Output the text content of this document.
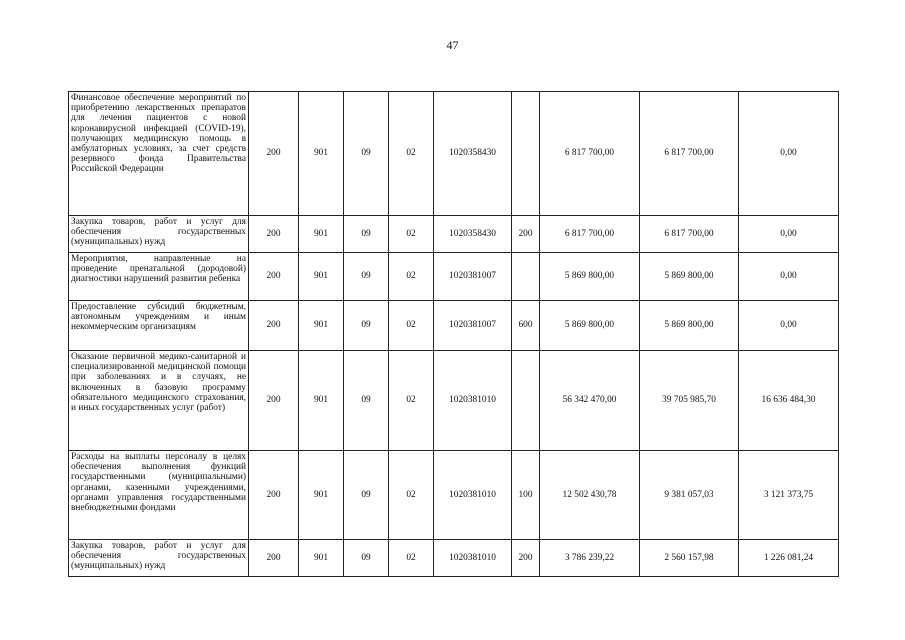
47
Финансовое обеспечение мероприятий по приобретению лекарственных препаратов для лечения пациентов с новой коронавирусной инфекцией (COVID-19), получающих медицинскую помощь в амбулаторных условиях, за счет средств резервного фонда Правительства Российской Федерации	200	901	09	02	1020358430		6 817 700,00	6 817 700,00	0,00
Закупка товаров, работ и услуг для обеспечения государственных (муниципальных) нужд	200	901	09	02	1020358430	200	6 817 700,00	6 817 700,00	0,00
Мероприятия, направленные на проведение пренатальной (дородовой) диагностики нарушений развития ребенка	200	901	09	02	1020381007		5 869 800,00	5 869 800,00	0,00
Предоставление субсидий бюджетным, автономным учреждениям и иным некоммерческим организациям	200	901	09	02	1020381007	600	5 869 800,00	5 869 800,00	0,00
Оказание первичной медико-санитарной и специализированной медицинской помощи при заболеваниях и в случаях, не включенных в базовую программу обязательного медицинского страхования, и иных государственных услуг (работ)	200	901	09	02	1020381010		56 342 470,00	39 705 985,70	16 636 484,30
Расходы на выплаты персоналу в целях обеспечения выполнения функций государственными (муниципальными) органами, казенными учреждениями, органами управления государственными внебюджетными фондами	200	901	09	02	1020381010	100	12 502 430,78	9 381 057,03	3 121 373,75
Закупка товаров, работ и услуг для обеспечения государственных (муниципальных) нужд	200	901	09	02	1020381010	200	3 786 239,22	2 560 157,98	1 226 081,24
